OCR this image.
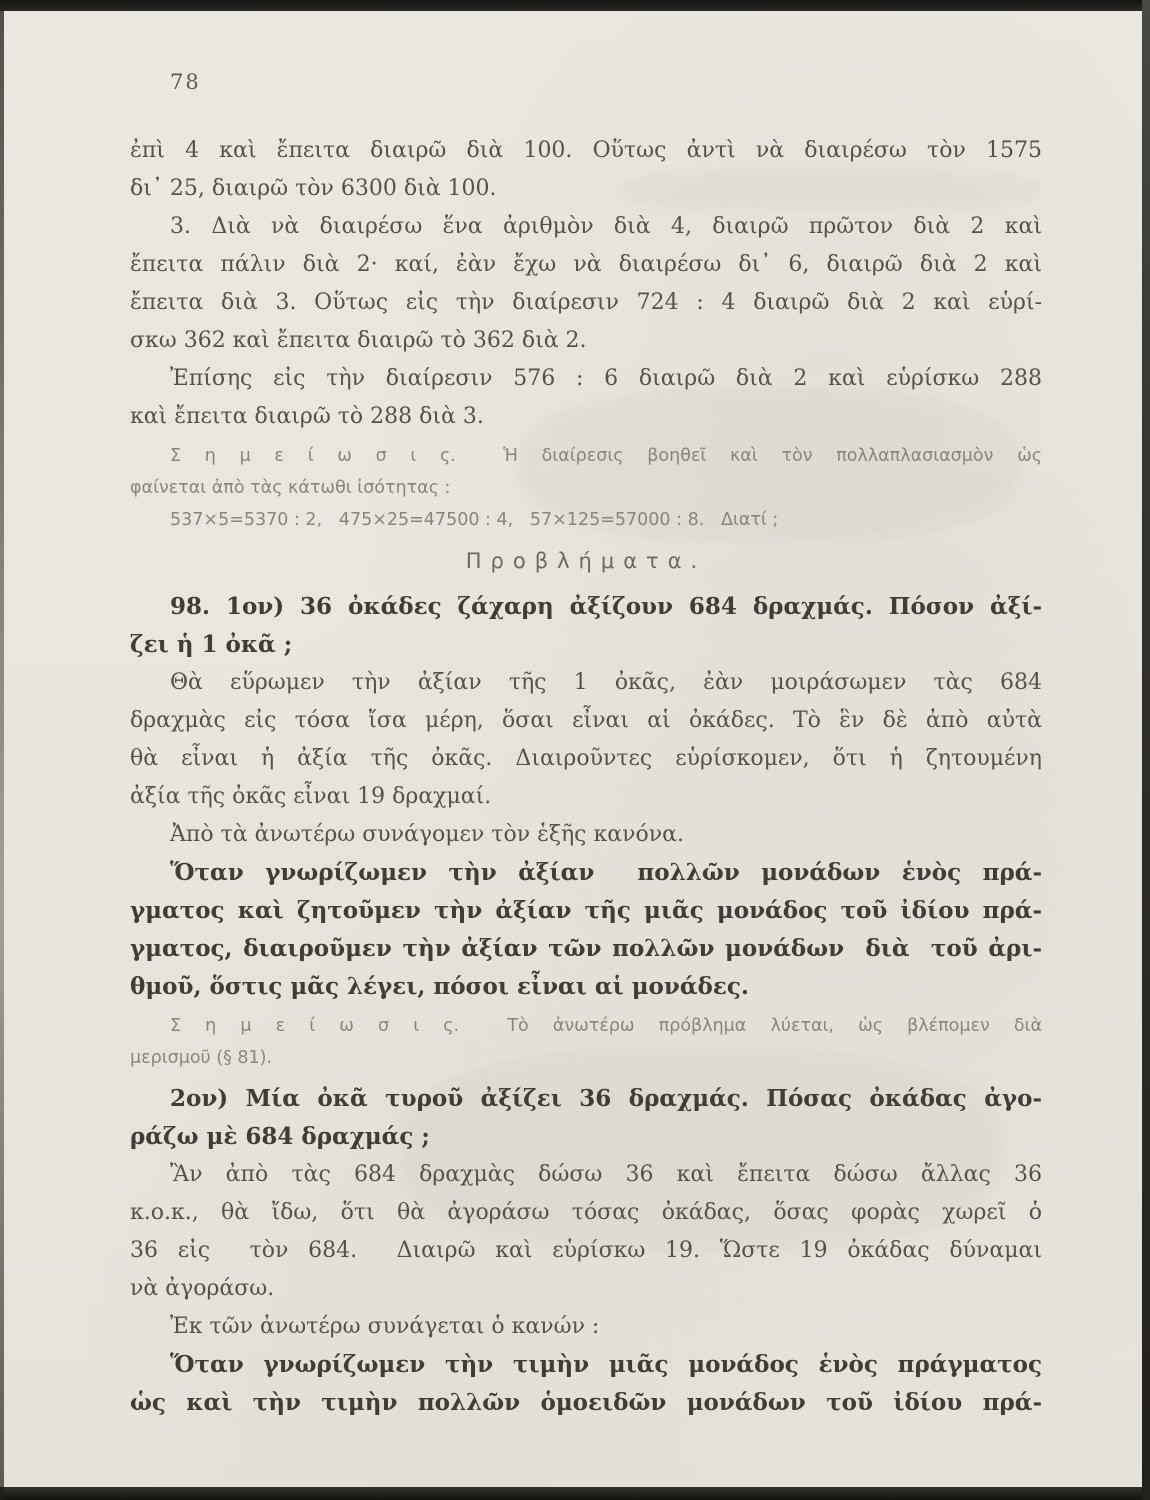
78
ἐπὶ 4 καὶ ἔπειτα διαιρῶ διὰ 100. Οὕτως ἀντὶ νὰ διαιρέσω τὸν 1575
δι᾽ 25, διαιρῶ τὸν 6300 διὰ 100.
3. Διὰ νὰ διαιρέσω ἕνα ἀριθμὸν διὰ 4, διαιρῶ πρῶτον διὰ 2 καὶ
ἔπειτα πάλιν διὰ 2· καί, ἐὰν ἔχω νὰ διαιρέσω δι᾽ 6, διαιρῶ διὰ 2 καὶ
ἔπειτα διὰ 3. Οὕτως εἰς τὴν διαίρεσιν 724 : 4 διαιρῶ διὰ 2 καὶ εὑρί-
σκω 362 καὶ ἔπειτα διαιρῶ τὸ 362 διὰ 2.
Ἐπίσης εἰς τὴν διαίρεσιν 576 : 6 διαιρῶ διὰ 2 καὶ εὑρίσκω 288
καὶ ἔπειτα διαιρῶ τὸ 288 διὰ 3.
Σ η μ ε ί ω σ ι ς.  Ἡ διαίρεσις βοηθεῖ καὶ τὸν πολλαπλασιασμὸν ὡς
φαίνεται ἀπὸ τὰς κάτωθι ἰσότητας :
537×5=5370 : 2,   475×25=47500 : 4,   57×125=57000 : 8.   Διατί ;
Προβλήματα.
98. 1ον) 36 ὀκάδες ζάχαρη ἀξίζουν 684 δραχμάς. Πόσον ἀξί-
ζει ἡ 1 ὀκᾶ ;
Θὰ εὕρωμεν τὴν ἀξίαν τῆς 1 ὀκᾶς, ἐὰν μοιράσωμεν τὰς 684
δραχμὰς εἰς τόσα ἴσα μέρη, ὅσαι εἶναι αἱ ὀκάδες. Τὸ ἓν δὲ ἀπὸ αὐτὰ
θὰ εἶναι ἡ ἀξία τῆς ὀκᾶς. Διαιροῦντες εὑρίσκομεν, ὅτι ἡ ζητουμένη
ἀξία τῆς ὀκᾶς εἶναι 19 δραχμαί.
Ἀπὸ τὰ ἀνωτέρω συνάγομεν τὸν ἑξῆς κανόνα.
Ὅταν γνωρίζωμεν τὴν ἀξίαν  πολλῶν μονάδων ἑνὸς πρά-
γματος καὶ ζητοῦμεν τὴν ἀξίαν τῆς μιᾶς μονάδος τοῦ ἰδίου πρά-
γματος, διαιροῦμεν τὴν ἀξίαν τῶν πολλῶν μονάδων  διὰ  τοῦ ἀρι-
θμοῦ, ὅστις μᾶς λέγει, πόσοι εἶναι αἱ μονάδες.
Σ η μ ε ί ω σ ι ς.  Τὸ ἀνωτέρω πρόβλημα λύεται, ὡς βλέπομεν διὰ
μερισμοῦ (§ 81).
2ον) Μία ὀκᾶ τυροῦ ἀξίζει 36 δραχμάς. Πόσας ὀκάδας ἀγο-
ράζω μὲ 684 δραχμάς ;
Ἂν ἀπὸ τὰς 684 δραχμὰς δώσω 36 καὶ ἔπειτα δώσω ἄλλας 36
κ.ο.κ., θὰ ἴδω, ὅτι θὰ ἀγοράσω τόσας ὀκάδας, ὅσας φορὰς χωρεῖ ὁ
36 εἰς  τὸν 684.  Διαιρῶ καὶ εὑρίσκω 19. Ὥστε 19 ὀκάδας δύναμαι
νὰ ἀγοράσω.
Ἐκ τῶν ἀνωτέρω συνάγεται ὁ κανών :
Ὅταν γνωρίζωμεν τὴν τιμὴν μιᾶς μονάδος ἑνὸς πράγματος
ὡς καὶ τὴν τιμὴν πολλῶν ὁμοειδῶν μονάδων τοῦ ἰδίου πρά-
